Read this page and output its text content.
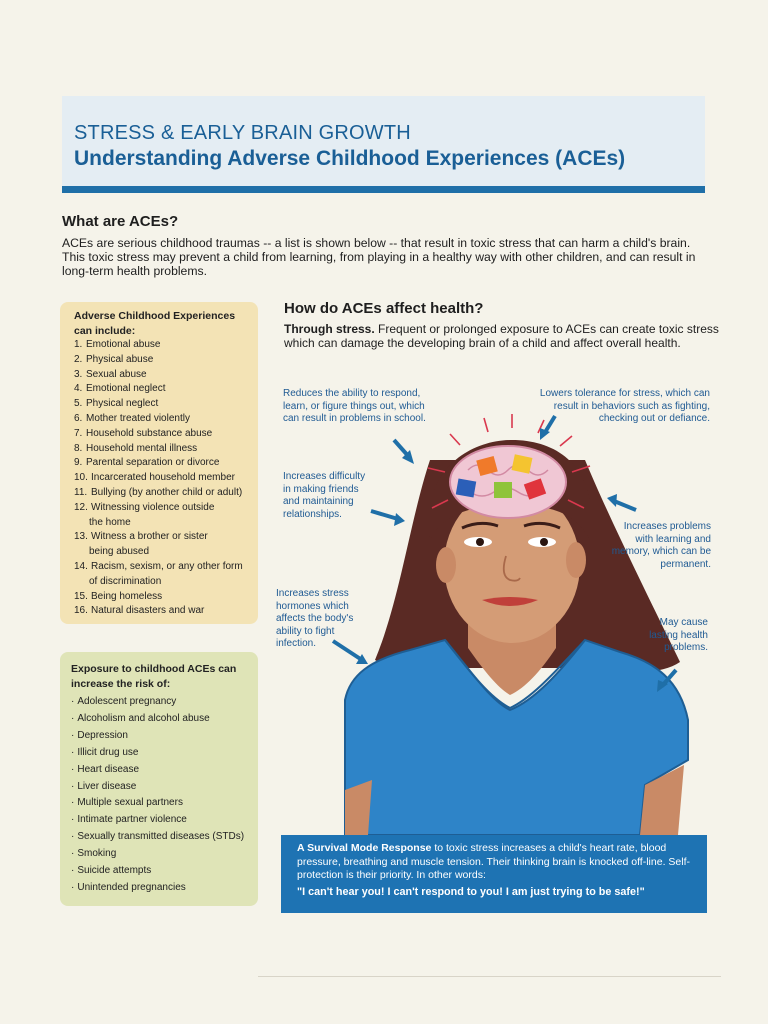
STRESS & EARLY BRAIN GROWTH
Understanding Adverse Childhood Experiences (ACEs)
What are ACEs?
ACEs are serious childhood traumas -- a list is shown below -- that result in toxic stress that can harm a child's brain. This toxic stress may prevent a child from learning, from playing in a healthy way with other children, and can result in long-term health problems.
Adverse Childhood Experiences
can include:
1. Emotional abuse
2. Physical abuse
3. Sexual abuse
4. Emotional neglect
5. Physical neglect
6. Mother treated violently
7. Household substance abuse
8. Household mental illness
9. Parental separation or divorce
10. Incarcerated household member
11. Bullying (by another child or adult)
12. Witnessing violence outside
the home
13. Witness a brother or sister
being abused
14. Racism, sexism, or any other form
of discrimination
15. Being homeless
16. Natural disasters and war
Exposure to childhood ACEs can
increase the risk of:
· Adolescent pregnancy
· Alcoholism and alcohol abuse
· Depression
· Illicit drug use
· Heart disease
· Liver disease
· Multiple sexual partners
· Intimate partner violence
· Sexually transmitted diseases (STDs)
· Smoking
· Suicide attempts
· Unintended pregnancies
How do ACEs affect health?
Through stress. Frequent or prolonged exposure to ACEs can create toxic stress which can damage the developing brain of a child and affect overall health.
Reduces the ability to respond,
learn, or figure things out, which
can result in problems in school.
Lowers tolerance for stress, which can
result in behaviors such as fighting,
checking out or defiance.
Increases difficulty
in making friends
and maintaining
relationships.
Increases problems
with learning and
memory, which can be
permanent.
Increases stress
hormones which
affects the body's
ability to fight
infection.
May cause
lasting health
problems.
A Survival Mode Response to toxic stress increases a child's heart rate, blood pressure, breathing and muscle tension. Their thinking brain is knocked off-line. Self-protection is their priority. In other words:
"I can't hear you! I can't respond to you! I am just trying to be safe!"
